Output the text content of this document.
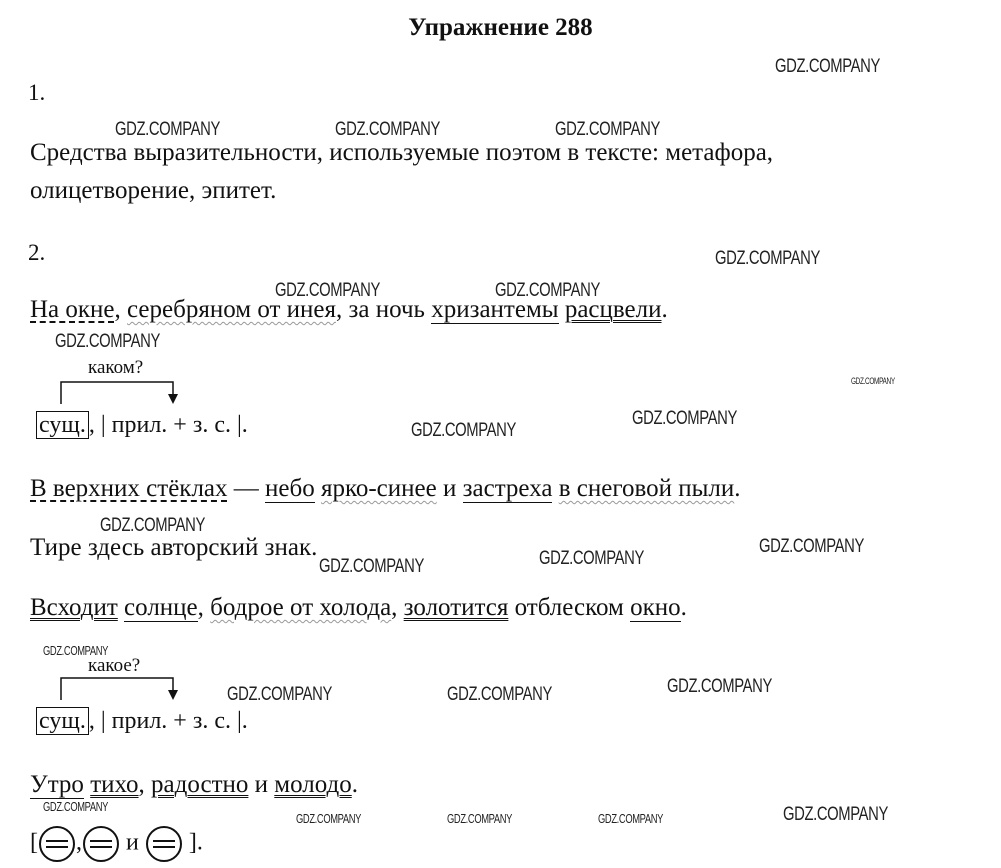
Упражнение 288
1.
Средства выразительности, используемые поэтом в тексте: метафора,
олицетворение, эпитет.
2.
На окне, серебряном от инея, за ночь хризантемы расцвели.
каком?
сущ. , | прил. + з. с. |.
В верхних стёклах — небо ярко-синее и застреха в снеговой пыли.
Тире здесь авторский знак.
Всходит солнце, бодрое от холода, золотится отблеском окно.
какое?
сущ. , | прил. + з. с. |.
Утро тихо, радостно и молодо.
[ , и  ].
GDZ.COMPANY
GDZ.COMPANY	GDZ.COMPANY	GDZ.COMPANY
GDZ.COMPANY
GDZ.COMPANY	GDZ.COMPANY
GDZ.COMPANY
GDZ.COMPANY
GDZ.COMPANY
GDZ.COMPANY
GDZ.COMPANY
GDZ.COMPANY
GDZ.COMPANY
GDZ.COMPANY
GDZ.COMPANY
GDZ.COMPANY
GDZ.COMPANY	GDZ.COMPANY
GDZ.COMPANY	GDZ.COMPANY
GDZ.COMPANY	GDZ.COMPANY	GDZ.COMPANY
